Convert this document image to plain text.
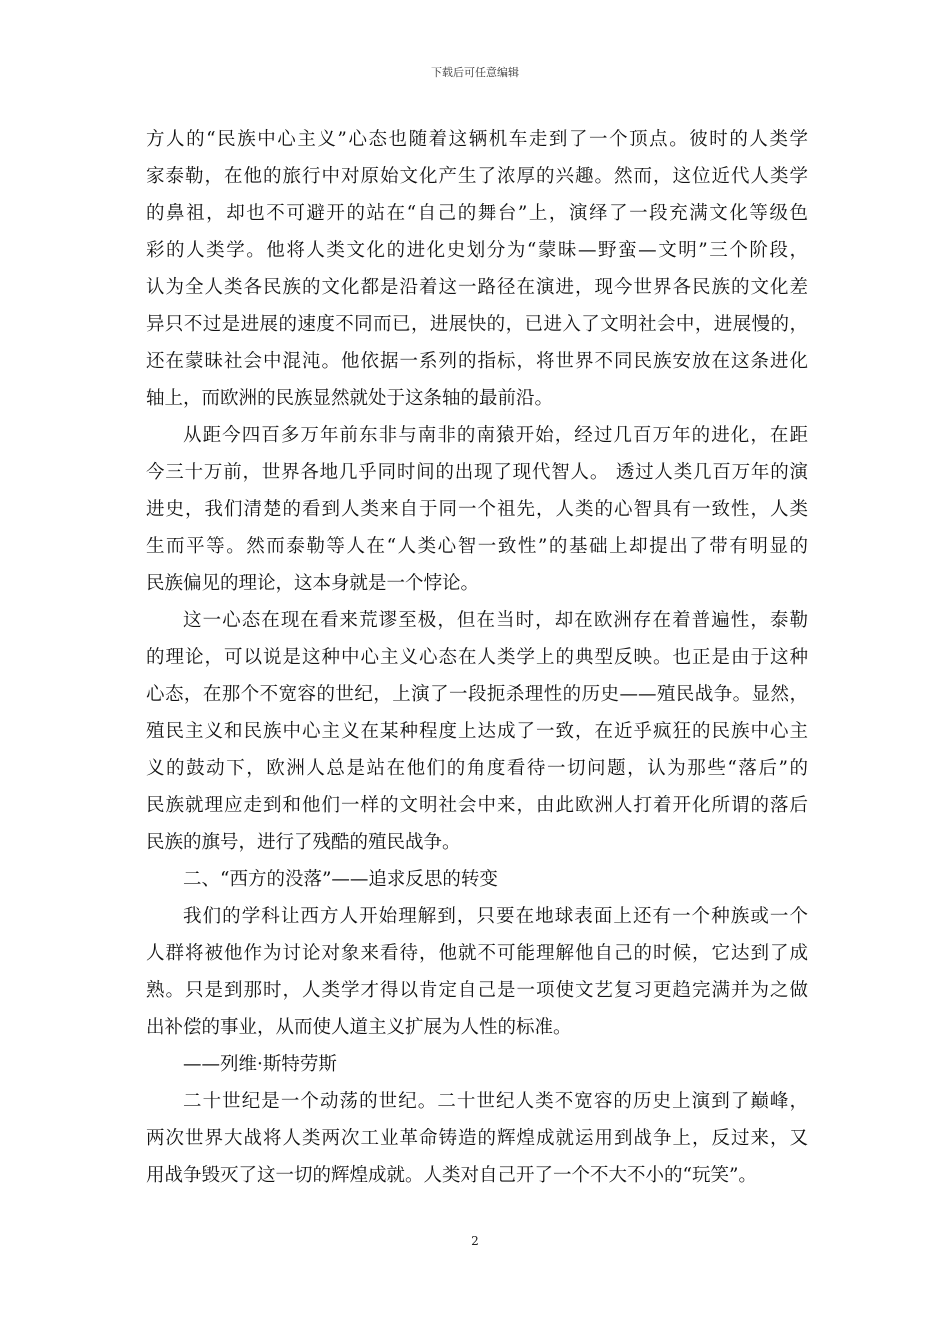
下载后可任意编辑
方人的“民族中心主义”心态也随着这辆机车走到了一个顶点。彼时的人类学
家泰勒，在他的旅行中对原始文化产生了浓厚的兴趣。然而，这位近代人类学
的鼻祖，却也不可避开的站在“自己的舞台”上，演绎了一段充满文化等级色
彩的人类学。他将人类文化的进化史划分为“蒙昧—野蛮—文明”三个阶段，
认为全人类各民族的文化都是沿着这一路径在演进，现今世界各民族的文化差
异只不过是进展的速度不同而已，进展快的，已进入了文明社会中，进展慢的，
还在蒙昧社会中混沌。他依据一系列的指标，将世界不同民族安放在这条进化
轴上，而欧洲的民族显然就处于这条轴的最前沿。
从距今四百多万年前东非与南非的南猿开始，经过几百万年的进化，在距
今三十万前，世界各地几乎同时间的出现了现代智人。 透过人类几百万年的演
进史，我们清楚的看到人类来自于同一个祖先，人类的心智具有一致性，人类
生而平等。然而泰勒等人在“人类心智一致性”的基础上却提出了带有明显的
民族偏见的理论，这本身就是一个悖论。
这一心态在现在看来荒谬至极，但在当时，却在欧洲存在着普遍性，泰勒
的理论，可以说是这种中心主义心态在人类学上的典型反映。也正是由于这种
心态，在那个不宽容的世纪，上演了一段扼杀理性的历史——殖民战争。显然，
殖民主义和民族中心主义在某种程度上达成了一致，在近乎疯狂的民族中心主
义的鼓动下，欧洲人总是站在他们的角度看待一切问题，认为那些“落后”的
民族就理应走到和他们一样的文明社会中来，由此欧洲人打着开化所谓的落后
民族的旗号，进行了残酷的殖民战争。
二、“西方的没落”——追求反思的转变
我们的学科让西方人开始理解到，只要在地球表面上还有一个种族或一个
人群将被他作为讨论对象来看待，他就不可能理解他自己的时候，它达到了成
熟。只是到那时，人类学才得以肯定自己是一项使文艺复习更趋完满并为之做
出补偿的事业，从而使人道主义扩展为人性的标准。
——列维·斯特劳斯
二十世纪是一个动荡的世纪。二十世纪人类不宽容的历史上演到了巅峰，
两次世界大战将人类两次工业革命铸造的辉煌成就运用到战争上，反过来，又
用战争毁灭了这一切的辉煌成就。人类对自己开了一个不大不小的“玩笑”。
2
